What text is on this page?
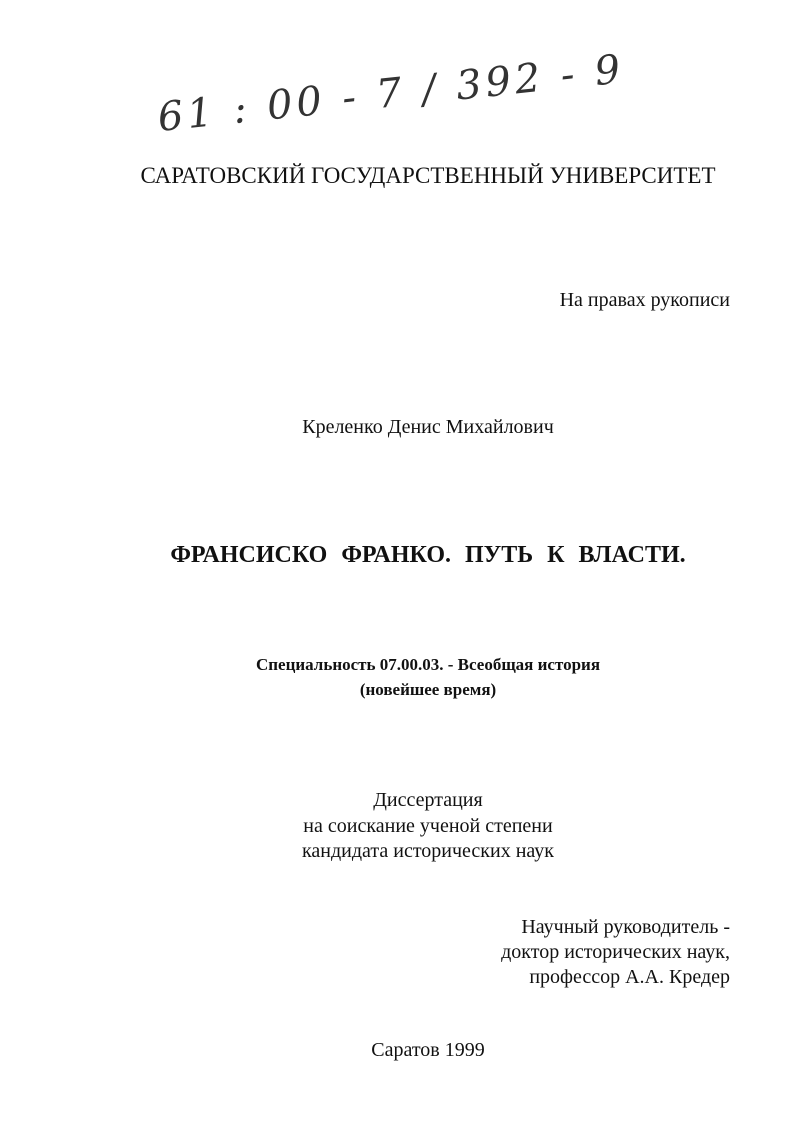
61 : 00 - 7 / 392 - 9
САРАТОВСКИЙ ГОСУДАРСТВЕННЫЙ УНИВЕРСИТЕТ
На правах рукописи
Креленко Денис Михайлович
ФРАНСИСКО ФРАНКО. ПУТЬ К ВЛАСТИ.
Специальность 07.00.03. - Всеобщая история
(новейшее время)
Диссертация
на соискание ученой степени
кандидата исторических наук
Научный руководитель -
доктор исторических наук,
профессор А.А. Кредер
Саратов 1999
